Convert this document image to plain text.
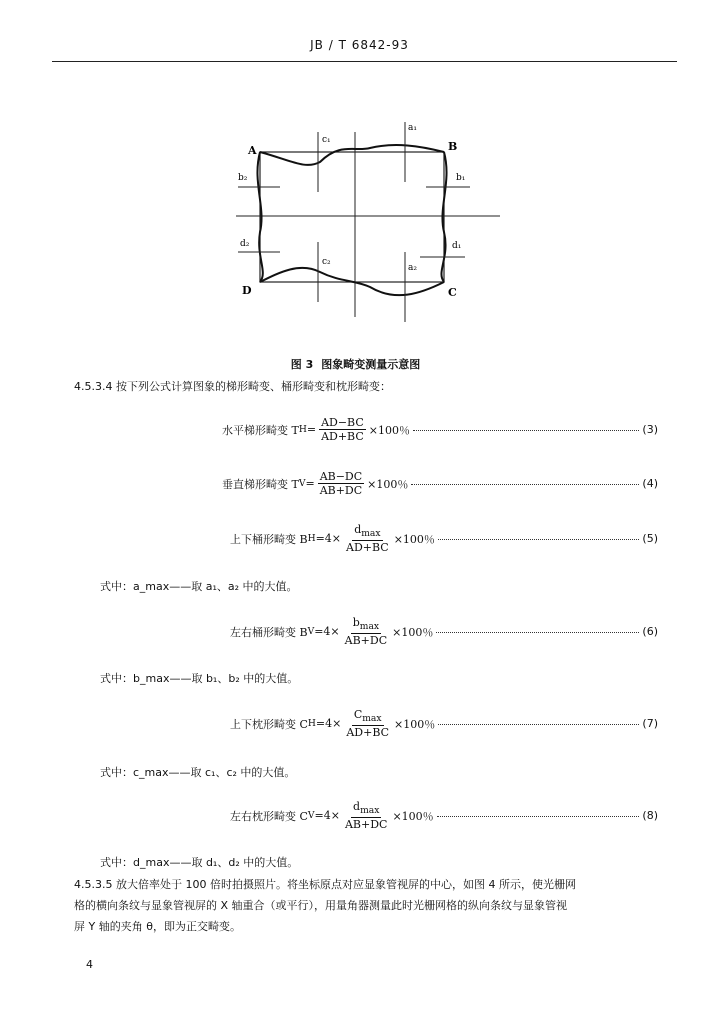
JB / T 6842-93
A	B
C
D
c₁
a₁
b₂	b₁
d₂	d₁
c₂
a₂
图 3 图象畸变测量示意图
4.5.3.4 按下列公式计算图象的梯形畸变、桶形畸变和枕形畸变：
水平梯形畸变 T $H = \frac{AD-BC}{AD+BC} \times 100$％	(3)
垂直梯形畸变 T $V = \frac{AB-DC}{AB+DC} \times 100$％	(4)
上下桶形畸变 B $H =4\times \frac{d_{max}}{AD+BC} \times 100$％	(5)
式中：a_max——取 a₁、a₂ 中的大值。
左右桶形畸变 B $V =4\times \frac{b_{max}}{AB+DC} \times 100$％	(6)
式中：b_max——取 b₁、b₂ 中的大值。
上下枕形畸变 C $H =4\times \frac{C_{max}}{AD+BC} \times 100$％	(7)
式中：c_max——取 c₁、c₂ 中的大值。
左右枕形畸变 C $V =4\times \frac{d_{max}}{AB+DC} \times 100$％	(8)
式中：d_max——取 d₁、d₂ 中的大值。
4.5.3.5 放大倍率处于 100 倍时拍摄照片。将坐标原点对应显象管视屏的中心，如图 4 所示，使光栅网
格的横向条纹与显象管视屏的 X 轴重合（或平行），用量角器测量此时光栅网格的纵向条纹与显象管视
屏 Y 轴的夹角 θ，即为正交畸变。
4
